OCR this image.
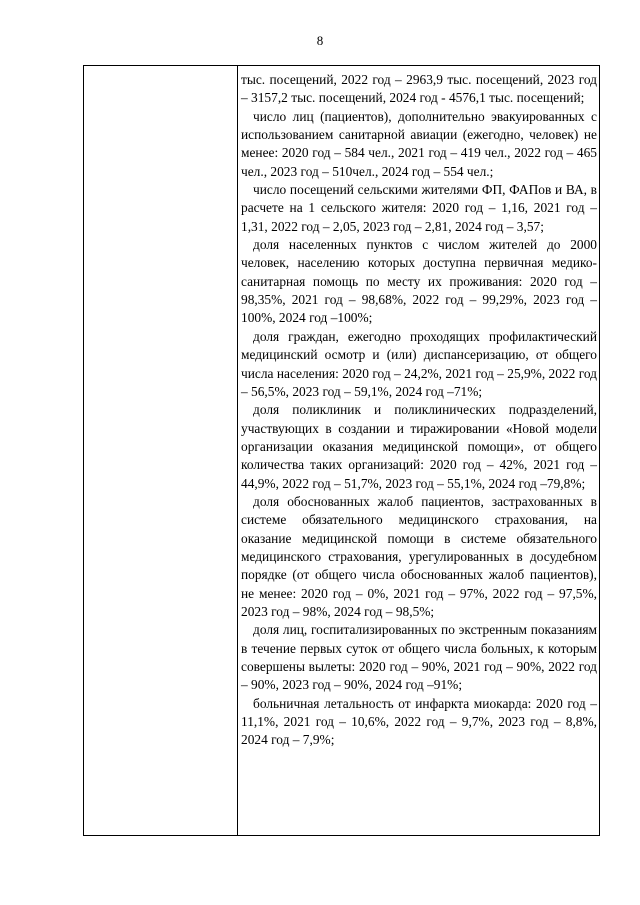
8

тыс. посещений, 2022 год – 2963,9 тыс. посещений, 2023 год – 3157,2 тыс. посещений, 2024 год - 4576,1 тыс. посещений;

число лиц (пациентов), дополнительно эвакуированных с использованием санитарной авиации (ежегодно, человек) не менее: 2020 год – 584 чел., 2021 год – 419 чел., 2022 год – 465 чел., 2023 год – 510чел., 2024 год – 554 чел.;

число посещений сельскими жителями ФП, ФАПов и ВА, в расчете на 1 сельского жителя: 2020 год – 1,16, 2021 год – 1,31, 2022 год – 2,05, 2023 год – 2,81, 2024 год – 3,57;

доля населенных пунктов с числом жителей до 2000 человек, населению которых доступна первичная медико-санитарная помощь по месту их проживания: 2020 год – 98,35%, 2021 год – 98,68%, 2022 год – 99,29%, 2023 год – 100%, 2024 год –100%;

доля граждан, ежегодно проходящих профилактический медицинский осмотр и (или) диспансеризацию, от общего числа населения: 2020 год – 24,2%, 2021 год – 25,9%, 2022 год – 56,5%, 2023 год – 59,1%, 2024 год –71%;

доля поликлиник и поликлинических подразделений, участвующих в создании и тиражировании «Новой модели организации оказания медицинской помощи», от общего количества таких организаций: 2020 год – 42%, 2021 год – 44,9%, 2022 год – 51,7%, 2023 год – 55,1%, 2024 год –79,8%;

доля обоснованных жалоб пациентов, застрахованных в системе обязательного медицинского страхования, на оказание медицинской помощи в системе обязательного медицинского страхования, урегулированных в досудебном порядке (от общего числа обоснованных жалоб пациентов), не менее: 2020 год – 0%, 2021 год – 97%, 2022 год – 97,5%, 2023 год – 98%, 2024 год – 98,5%;

доля лиц, госпитализированных по экстренным показаниям в течение первых суток от общего числа больных, к которым совершены вылеты: 2020 год – 90%, 2021 год – 90%, 2022 год – 90%, 2023 год – 90%, 2024 год –91%;

больничная летальность от инфаркта миокарда: 2020 год – 11,1%, 2021 год – 10,6%, 2022 год – 9,7%, 2023 год – 8,8%, 2024 год – 7,9%;
